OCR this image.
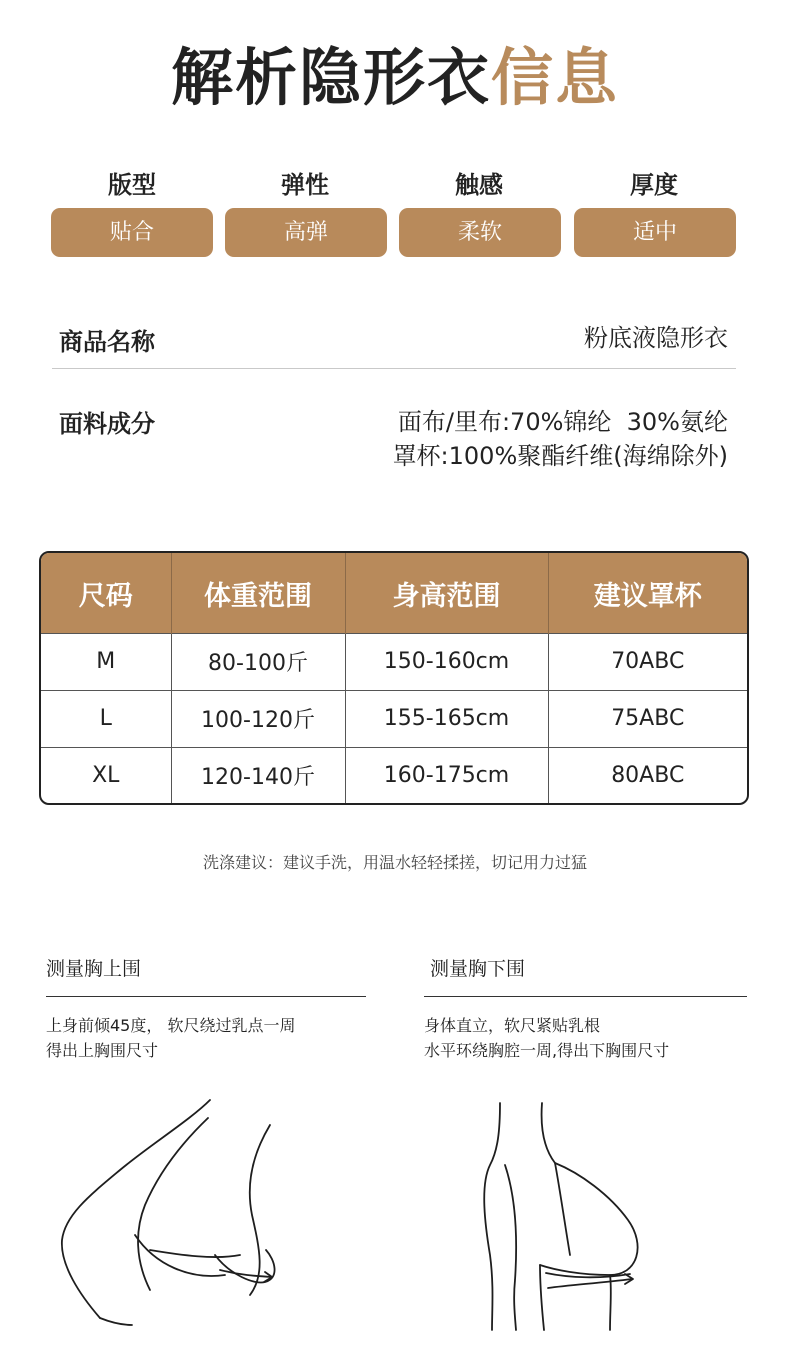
解析隐形衣信息
版型	弹性	触感	厚度
贴合	高弹	柔软	适中
商品名称	粉底液隐形衣
面料成分	面布/里布:70%锦纶  30%氨纶
罩杯:100%聚酯纤维(海绵除外)
尺码	体重范围	身高范围	建议罩杯
M	80-100斤	150-160cm	70ABC
L	100-120斤	155-165cm	75ABC
XL	120-140斤	160-175cm	80ABC
洗涤建议：建议手洗，用温水轻轻揉搓，切记用力过猛
测量胸上围
上身前倾45度， 软尺绕过乳点一周
得出上胸围尺寸
测量胸下围
身体直立，软尺紧贴乳根
水平环绕胸腔一周,得出下胸围尺寸
